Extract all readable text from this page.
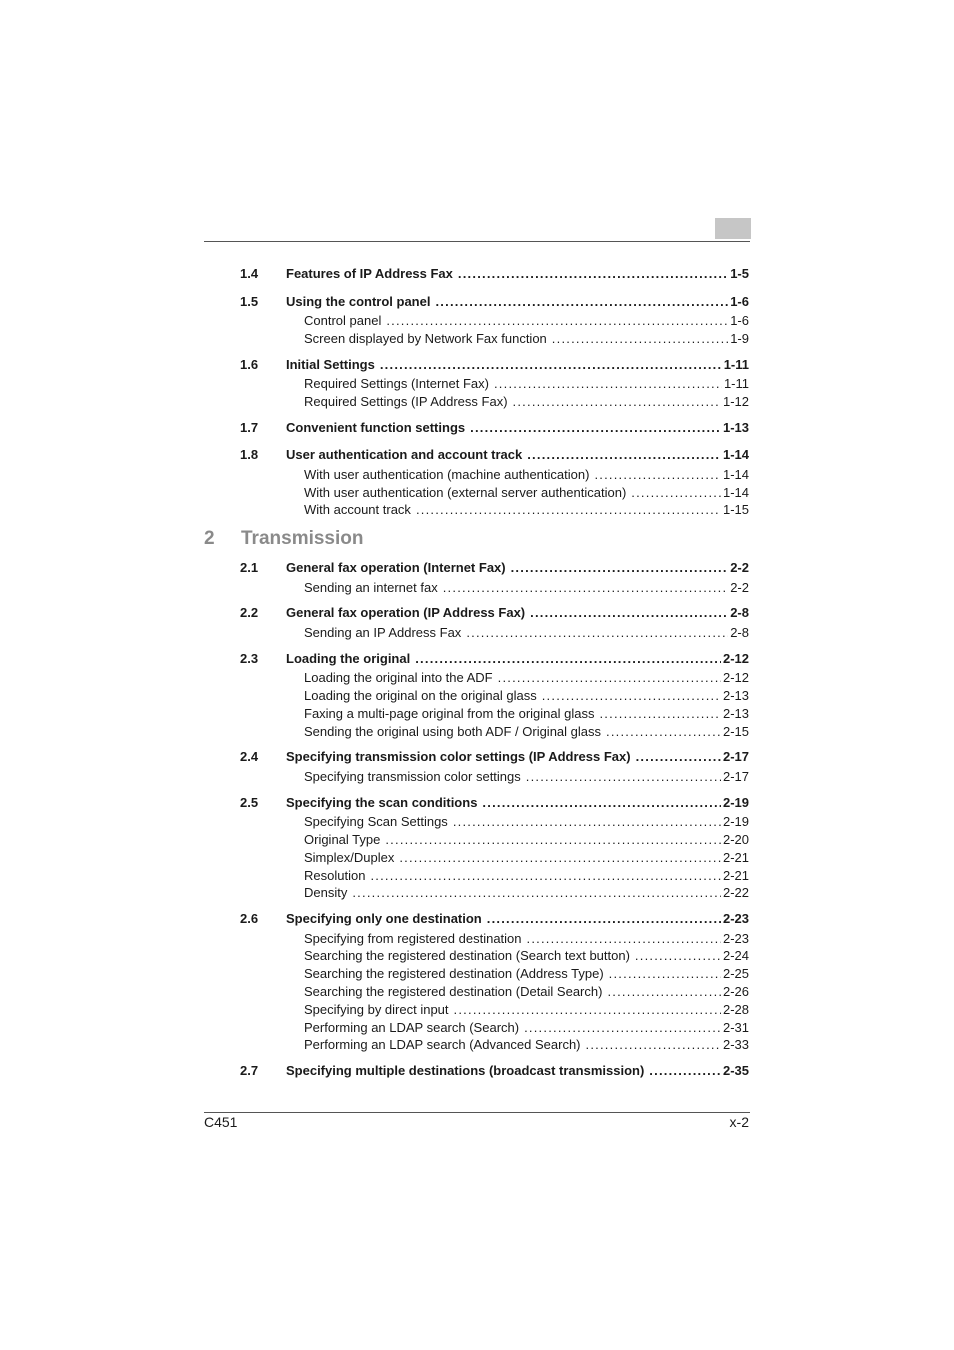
1.4 Features of IP Address Fax . . .	1-5
1.5 Using the control panel . . .	1-6
Control panel . . .	1-6
Screen displayed by Network Fax function . . .	1-9
1.6 Initial Settings . . .	1-11
Required Settings (Internet Fax) . . .	1-11
Required Settings (IP Address Fax) . . .	1-12
1.7 Convenient function settings . . .	1-13
1.8 User authentication and account track . . .	1-14
With user authentication (machine authentication) . . .	1-14
With user authentication (external server authentication) . . .	1-14
With account track . . .	1-15
2.1 General fax operation (Internet Fax) . . .	2-2
Sending an internet fax . . .	2-2
2.2 General fax operation (IP Address Fax) . . .	2-8
Sending an IP Address Fax . . .	2-8
2.3 Loading the original . . .	2-12
Loading the original into the ADF . . .	2-12
Loading the original on the original glass . . .	2-13
Faxing a multi-page original from the original glass . . .	2-13
Sending the original using both ADF / Original glass . . .	2-15
2.4 Specifying transmission color settings (IP Address Fax) . . .	2-17
Specifying transmission color settings . . .	2-17
2.5 Specifying the scan conditions . . .	2-19
Specifying Scan Settings . . .	2-19
Original Type . . .	2-20
Simplex/Duplex . . .	2-21
Resolution . . .	2-21
Density . . .	2-22
2.6 Specifying only one destination . . .	2-23
Specifying from registered destination . . .	2-23
Searching the registered destination (Search text button) . . .	2-24
Searching the registered destination (Address Type) . . .	2-25
Searching the registered destination (Detail Search) . . .	2-26
Specifying by direct input . . .	2-28
Performing an LDAP search (Search) . . .	2-31
Performing an LDAP search (Advanced Search) . . .	2-33
2.7 Specifying multiple destinations (broadcast transmission) . . .	2-35
2 Transmission
C451	x-2
